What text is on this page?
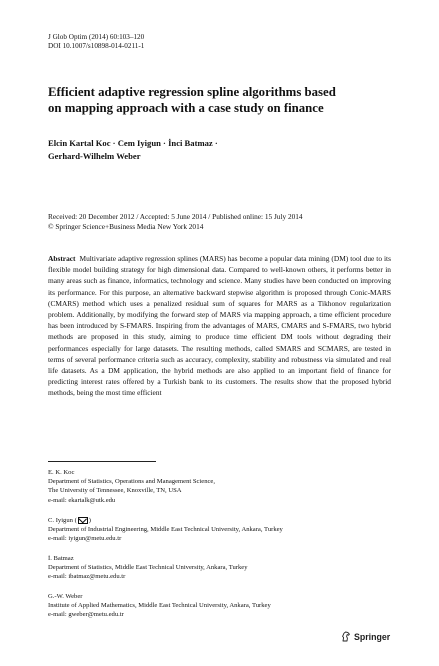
J Glob Optim (2014) 60:103–120
DOI 10.1007/s10898-014-0211-1
Efficient adaptive regression spline algorithms based
on mapping approach with a case study on finance
Elcin Kartal Koc · Cem Iyigun · İnci Batmaz ·
Gerhard-Wilhelm Weber
Received: 20 December 2012 / Accepted: 5 June 2014 / Published online: 15 July 2014
© Springer Science+Business Media New York 2014
Abstract Multivariate adaptive regression splines (MARS) has become a popular data mining (DM) tool due to its flexible model building strategy for high dimensional data. Compared to well-known others, it performs better in many areas such as finance, informatics, technology and science. Many studies have been conducted on improving its performance. For this purpose, an alternative backward stepwise algorithm is proposed through Conic-MARS (CMARS) method which uses a penalized residual sum of squares for MARS as a Tikhonov regularization problem. Additionally, by modifying the forward step of MARS via mapping approach, a time efficient procedure has been introduced by S-FMARS. Inspiring from the advantages of MARS, CMARS and S-FMARS, two hybrid methods are proposed in this study, aiming to produce time efficient DM tools without degrading their performances especially for large datasets. The resulting methods, called SMARS and SCMARS, are tested in terms of several performance criteria such as accuracy, complexity, stability and robustness via simulated and real life datasets. As a DM application, the hybrid methods are also applied to an important field of finance for predicting interest rates offered by a Turkish bank to its customers. The results show that the proposed hybrid methods, being the most time efficient
E. K. Koc
Department of Statistics, Operations and Management Science,
The University of Tennessee, Knoxville, TN, USA
e-mail: ekartalk@utk.edu
C. Iyigun ( )
Department of Industrial Engineering, Middle East Technical University, Ankara, Turkey
e-mail: iyigun@metu.edu.tr
İ. Batmaz
Department of Statistics, Middle East Technical University, Ankara, Turkey
e-mail: ibatmaz@metu.edu.tr
G.-W. Weber
Institute of Applied Mathematics, Middle East Technical University, Ankara, Turkey
e-mail: gweber@metu.edu.tr
Springer
